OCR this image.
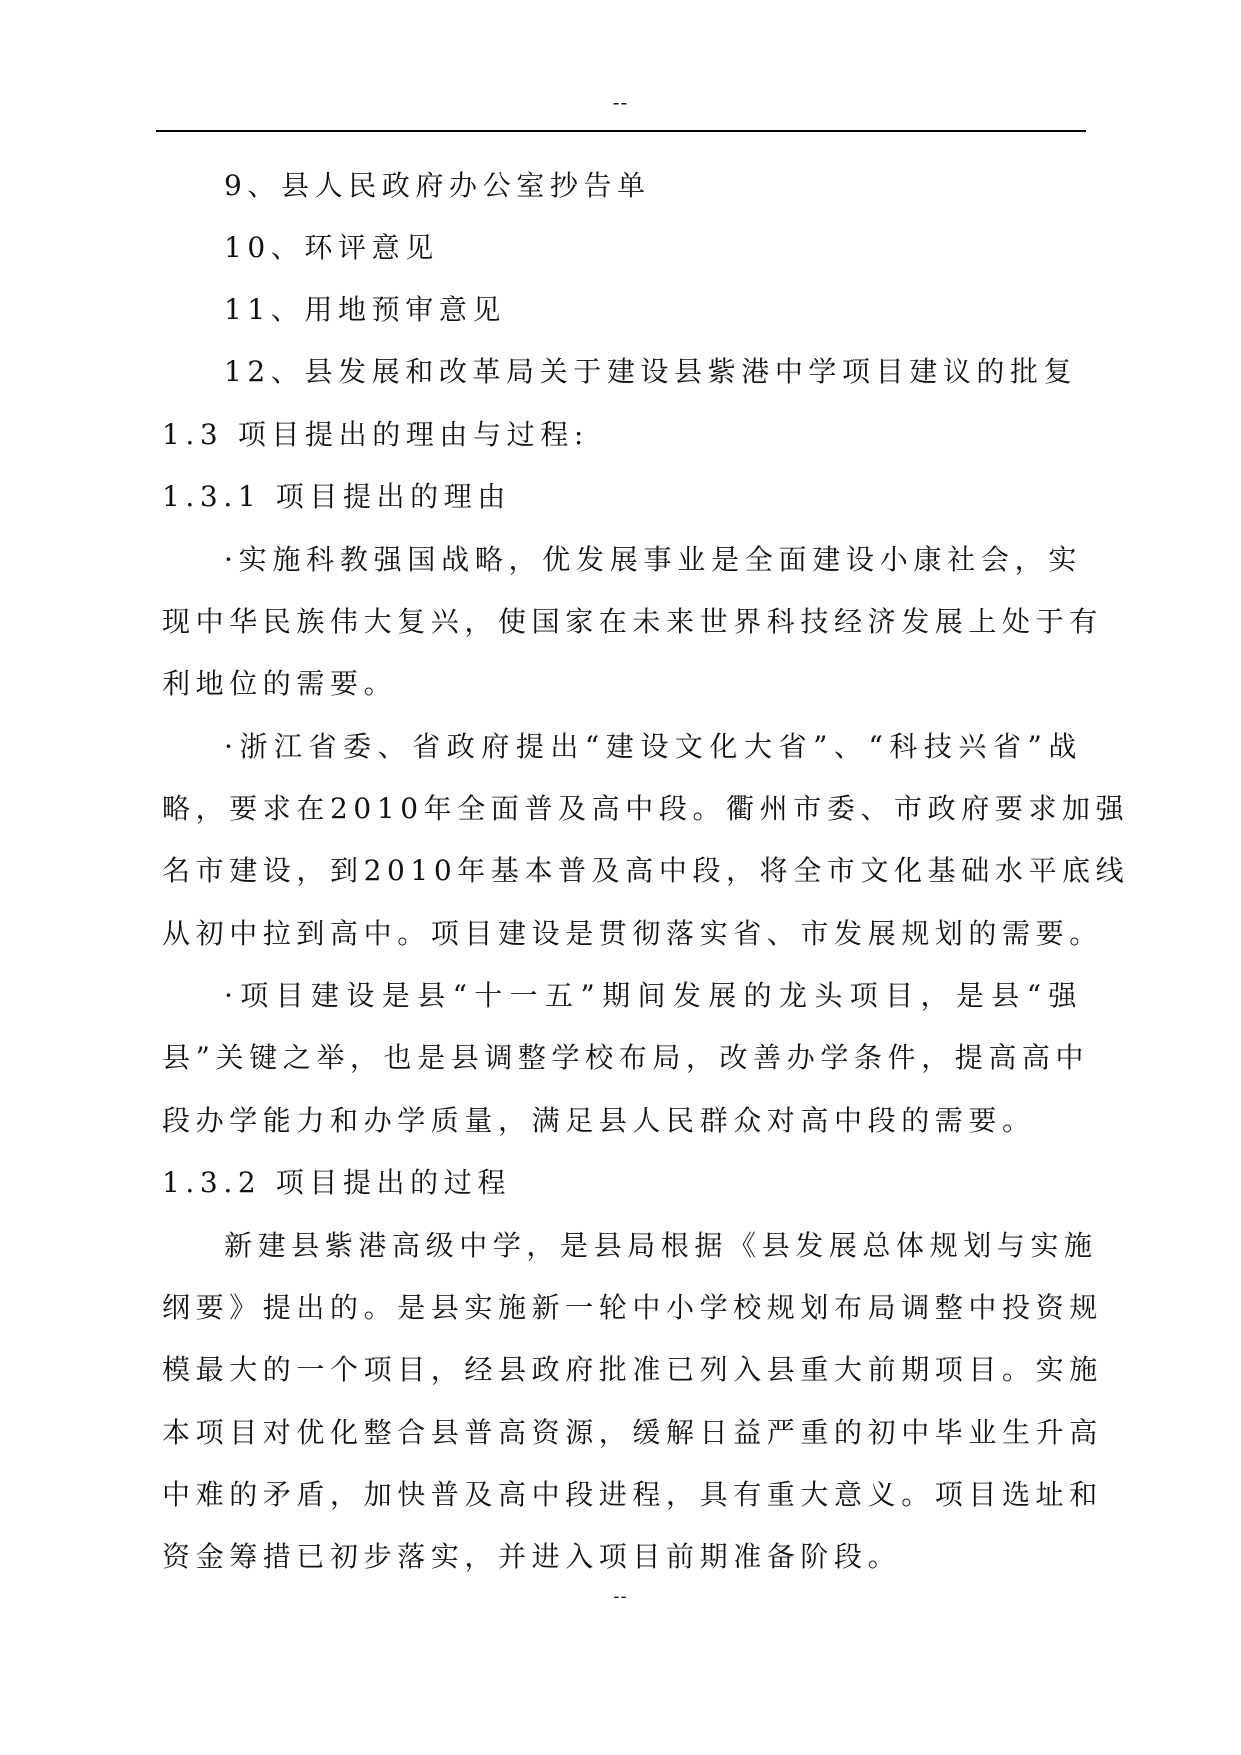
--
9、县人民政府办公室抄告单
10、环评意见
11、用地预审意见
12、县发展和改革局关于建设县紫港中学项目建议的批复
1.3 项目提出的理由与过程:
1.3.1 项目提出的理由
·实施科教强国战略，优发展事业是全面建设小康社会，实
现中华民族伟大复兴，使国家在未来世界科技经济发展上处于有
利地位的需要。
·浙江省委、省政府提出“建设文化大省”、“科技兴省”战
略，要求在2010年全面普及高中段。衢州市委、市政府要求加强
名市建设，到2010年基本普及高中段，将全市文化基础水平底线
从初中拉到高中。项目建设是贯彻落实省、市发展规划的需要。
·项目建设是县“十一五”期间发展的龙头项目，是县“强
县”关键之举，也是县调整学校布局，改善办学条件，提高高中
段办学能力和办学质量，满足县人民群众对高中段的需要。
1.3.2 项目提出的过程
新建县紫港高级中学，是县局根据《县发展总体规划与实施
纲要》提出的。是县实施新一轮中小学校规划布局调整中投资规
模最大的一个项目，经县政府批准已列入县重大前期项目。实施
本项目对优化整合县普高资源，缓解日益严重的初中毕业生升高
中难的矛盾，加快普及高中段进程，具有重大意义。项目选址和
资金筹措已初步落实，并进入项目前期准备阶段。
--
